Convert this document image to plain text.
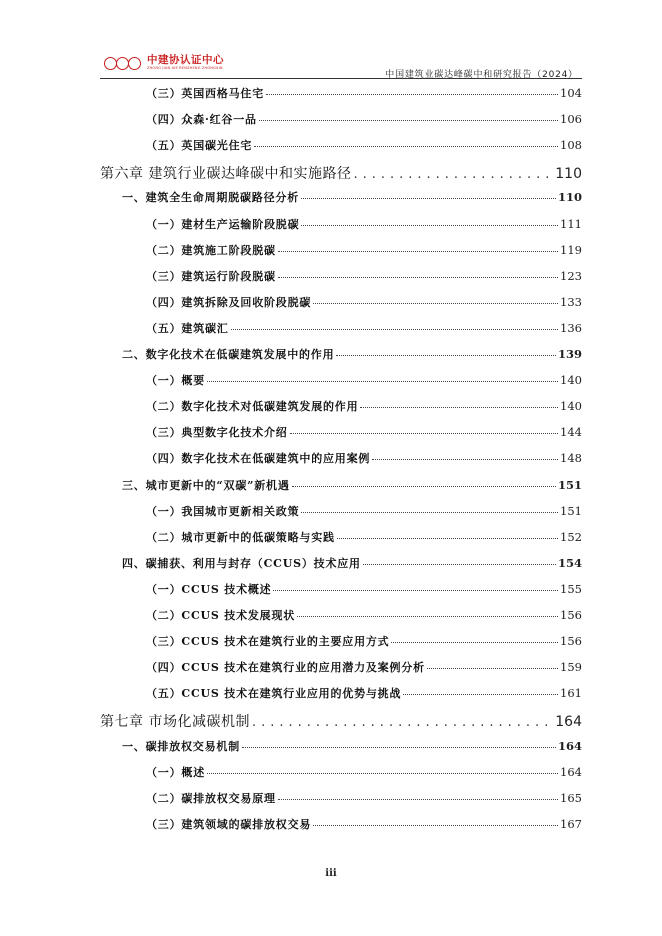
中建协认证中心
ZHONG JIAN XIE RENZHENG ZHONGXIN
中国建筑业碳达峰碳中和研究报告（2024）
（三）英国西格马住宅	104
（四）众森·红谷一品	106
（五）英国碳光住宅	108
第六章 建筑行业碳达峰碳中和实施路径 .....	110
一、建筑全生命周期脱碳路径分析	110
（一）建材生产运输阶段脱碳	111
（二）建筑施工阶段脱碳	119
（三）建筑运行阶段脱碳	123
（四）建筑拆除及回收阶段脱碳	133
（五）建筑碳汇	136
二、数字化技术在低碳建筑发展中的作用	139
（一）概要	140
（二）数字化技术对低碳建筑发展的作用	140
（三）典型数字化技术介绍	144
（四）数字化技术在低碳建筑中的应用案例	148
三、城市更新中的“双碳”新机遇	151
（一）我国城市更新相关政策	151
（二）城市更新中的低碳策略与实践	152
四、碳捕获、利用与封存（CCUS）技术应用	154
（一）CCUS 技术概述	155
（二）CCUS 技术发展现状	156
（三）CCUS 技术在建筑行业的主要应用方式	156
（四）CCUS 技术在建筑行业的应用潜力及案例分析	159
（五）CCUS 技术在建筑行业应用的优势与挑战	161
第七章 市场化减碳机制 .....	164
一、碳排放权交易机制	164
（一）概述	164
（二）碳排放权交易原理	165
（三）建筑领域的碳排放权交易	167
iii
